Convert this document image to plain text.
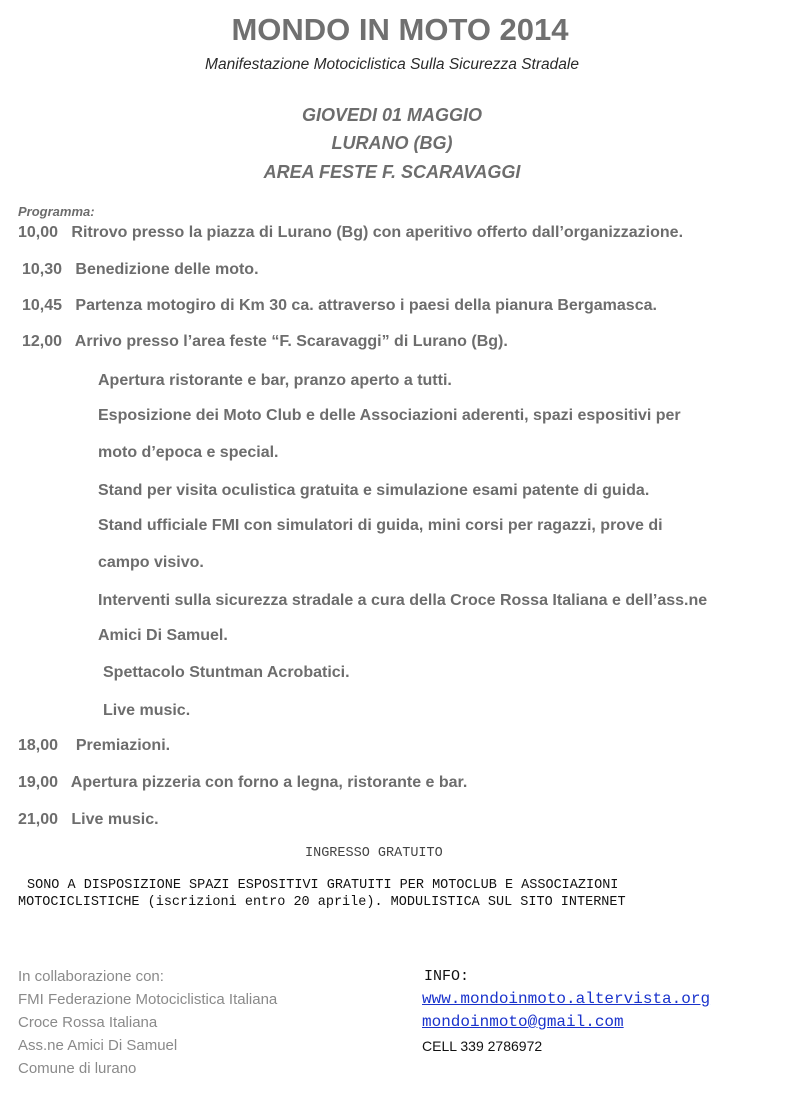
MONDO IN MOTO 2014
Manifestazione Motociclistica Sulla Sicurezza Stradale
GIOVEDI 01 MAGGIO
LURANO (BG)
AREA FESTE F. SCARAVAGGI
Programma:
10,00 Ritrovo presso la piazza di Lurano (Bg) con aperitivo offerto dall’organizzazione.
10,30 Benedizione delle moto.
10,45 Partenza motogiro di Km 30 ca. attraverso i paesi della pianura Bergamasca.
12,00 Arrivo presso l’area feste “F. Scaravaggi” di Lurano (Bg).
Apertura ristorante e bar, pranzo aperto a tutti.
Esposizione dei Moto Club e delle Associazioni aderenti, spazi espositivi per
moto d’epoca e special.
Stand per visita oculistica gratuita e simulazione esami patente di guida.
Stand ufficiale FMI con simulatori di guida, mini corsi per ragazzi, prove di
campo visivo.
Interventi sulla sicurezza stradale a cura della Croce Rossa Italiana e dell’ass.ne
Amici Di Samuel.
Spettacolo Stuntman Acrobatici.
Live music.
18,00 Premiazioni.
19,00 Apertura pizzeria con forno a legna, ristorante e bar.
21,00 Live music.
INGRESSO GRATUITO
SONO A DISPOSIZIONE SPAZI ESPOSITIVI GRATUITI PER MOTOCLUB E ASSOCIAZIONI
MOTOCICLISTICHE (iscrizioni entro 20 aprile). MODULISTICA SUL SITO INTERNET
In collaborazione con:
FMI Federazione Motociclistica Italiana
Croce Rossa Italiana
Ass.ne Amici Di Samuel
Comune di lurano
INFO:
www.mondoinmoto.altervista.org
mondoinmoto@gmail.com
CELL 339 2786972
